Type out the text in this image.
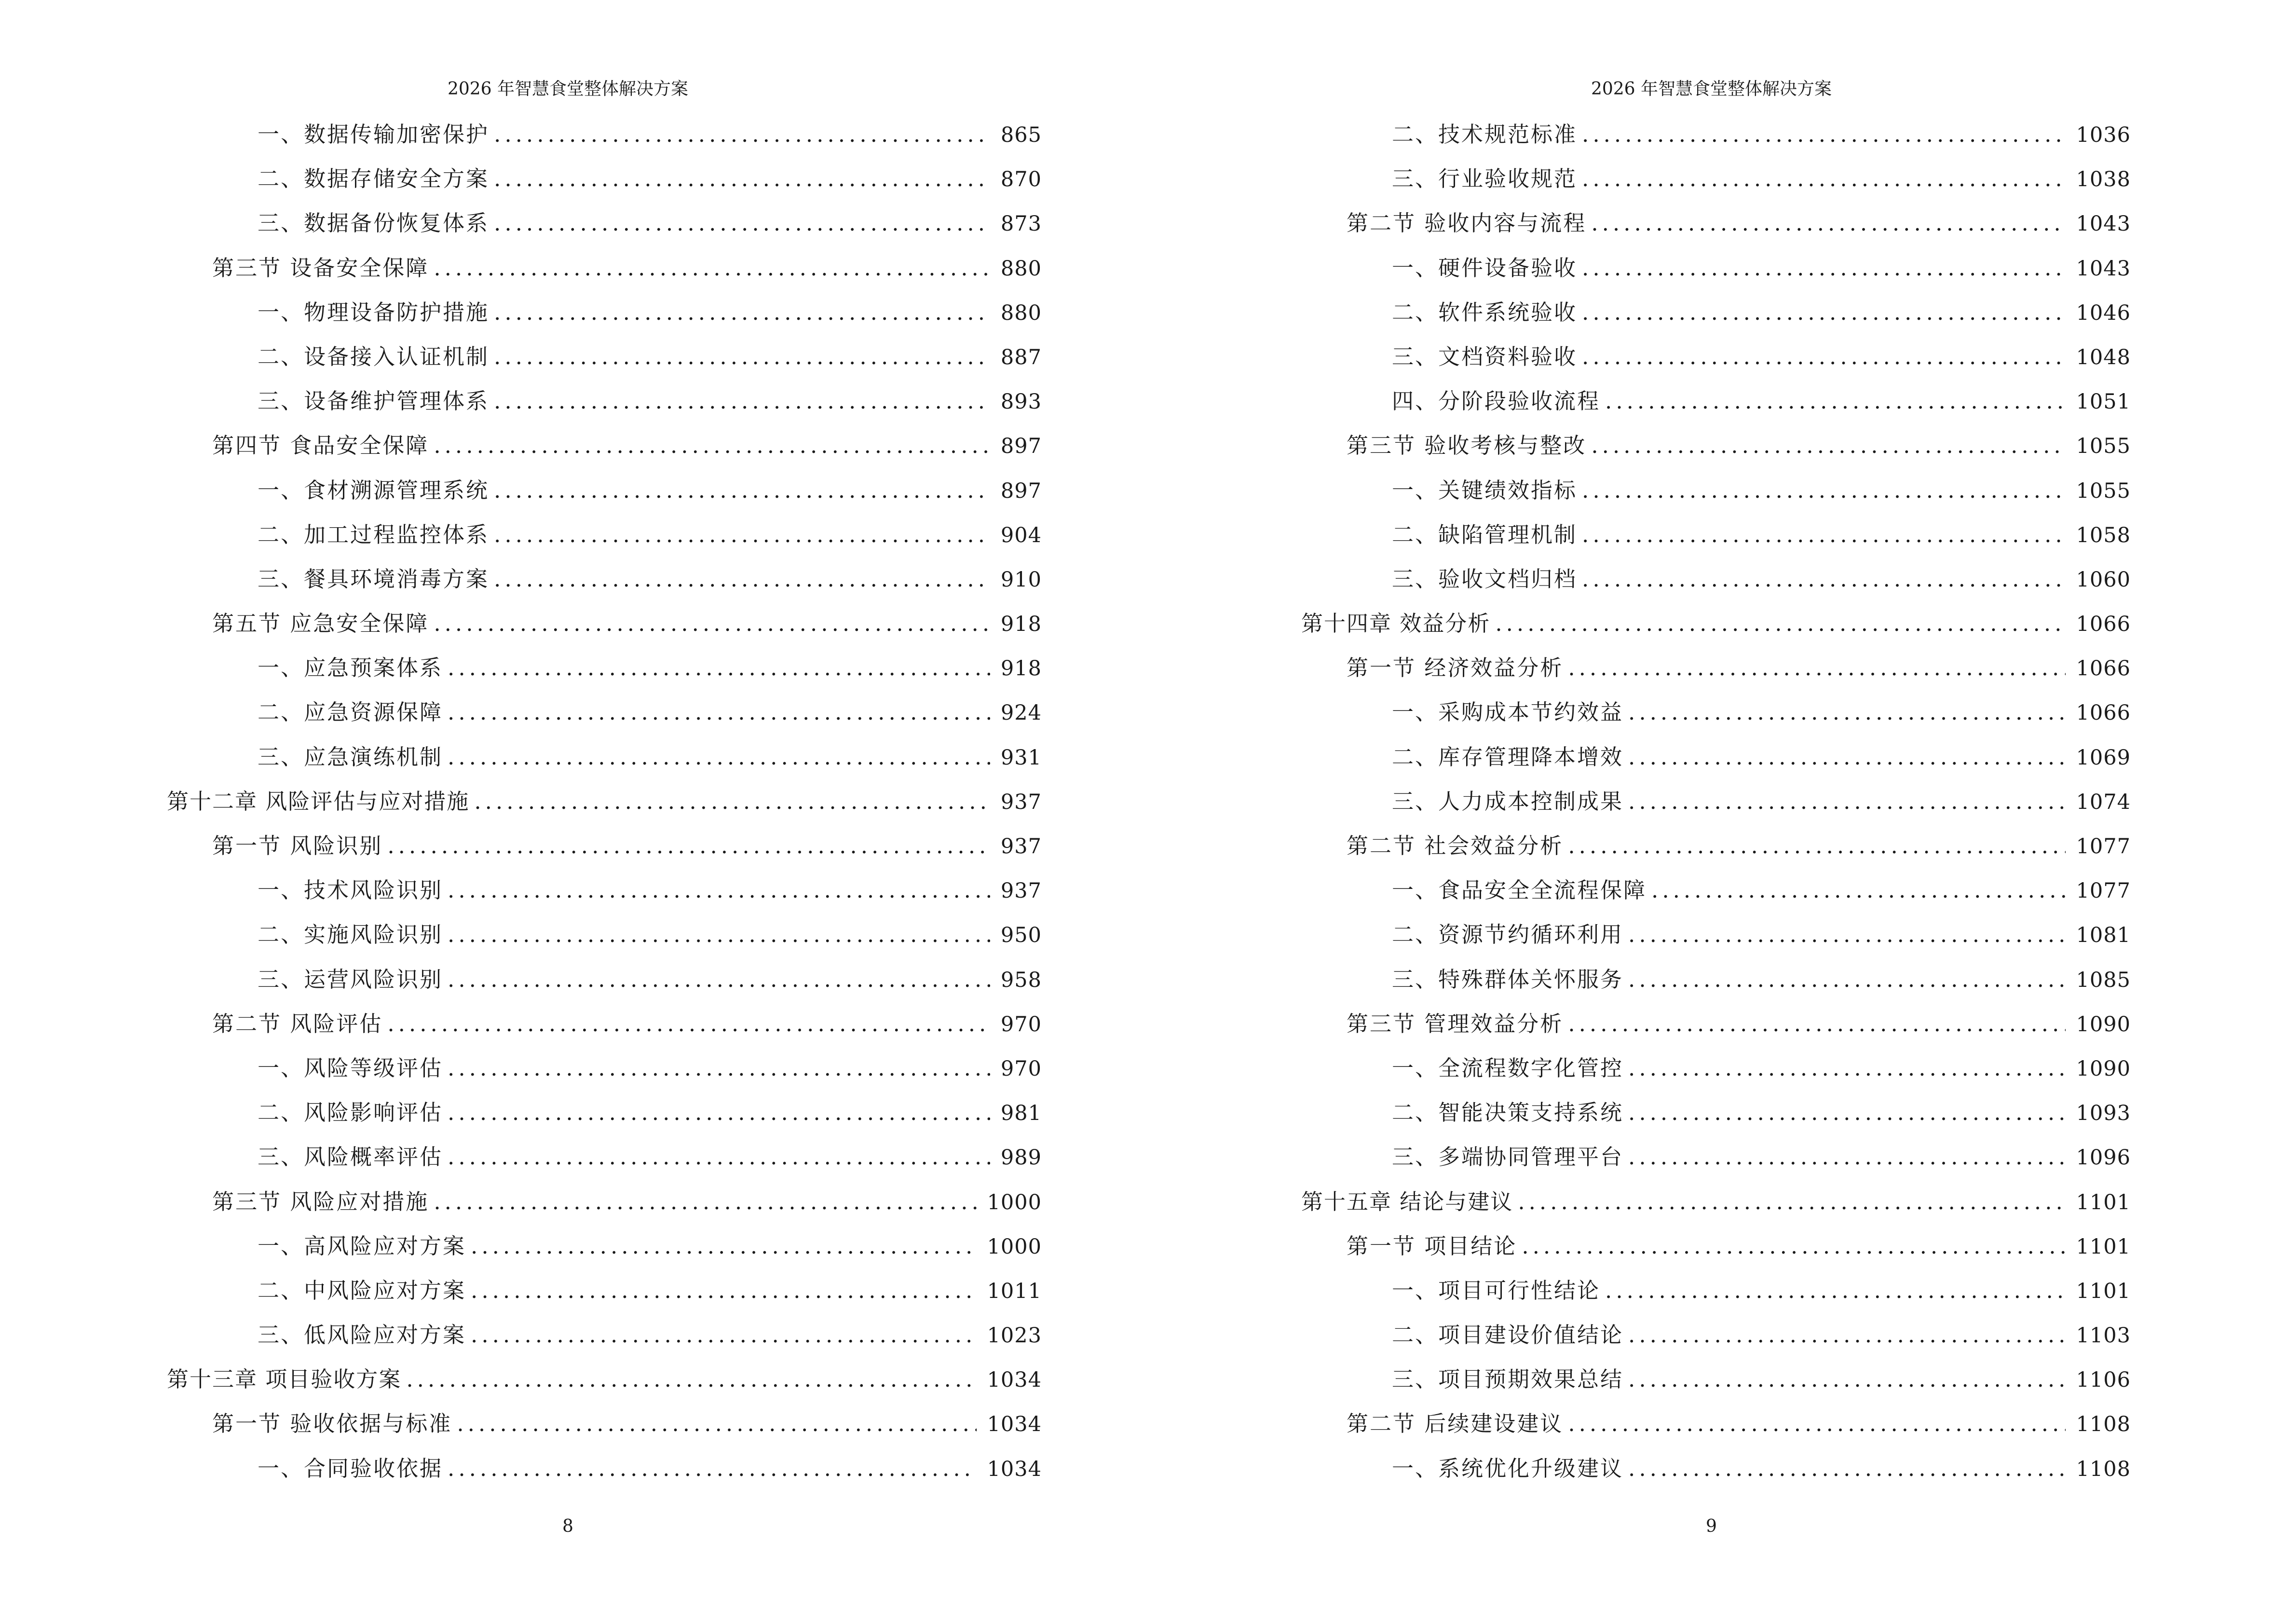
2026 年智慧食堂整体解决方案
一、数据传输加密保护 .....	865
二、数据存储安全方案 .....	870
三、数据备份恢复体系 .....	873
第三节 设备安全保障 .....	880
一、物理设备防护措施 .....	880
二、设备接入认证机制 .....	887
三、设备维护管理体系 .....	893
第四节 食品安全保障 .....	897
一、食材溯源管理系统 .....	897
二、加工过程监控体系 .....	904
三、餐具环境消毒方案 .....	910
第五节 应急安全保障 .....	918
一、应急预案体系 .....	918
二、应急资源保障 .....	924
三、应急演练机制 .....	931
第十二章 风险评估与应对措施 .....	937
第一节 风险识别 .....	937
一、技术风险识别 .....	937
二、实施风险识别 .....	950
三、运营风险识别 .....	958
第二节 风险评估 .....	970
一、风险等级评估 .....	970
二、风险影响评估 .....	981
三、风险概率评估 .....	989
第三节 风险应对措施 .....	1000
一、高风险应对方案 .....	1000
二、中风险应对方案 .....	1011
三、低风险应对方案 .....	1023
第十三章 项目验收方案 .....	1034
第一节 验收依据与标准 .....	1034
一、合同验收依据 .....	1034
8
2026 年智慧食堂整体解决方案
二、技术规范标准 .....	1036
三、行业验收规范 .....	1038
第二节 验收内容与流程 .....	1043
一、硬件设备验收 .....	1043
二、软件系统验收 .....	1046
三、文档资料验收 .....	1048
四、分阶段验收流程 .....	1051
第三节 验收考核与整改 .....	1055
一、关键绩效指标 .....	1055
二、缺陷管理机制 .....	1058
三、验收文档归档 .....	1060
第十四章 效益分析 .....	1066
第一节 经济效益分析 .....	1066
一、采购成本节约效益 .....	1066
二、库存管理降本增效 .....	1069
三、人力成本控制成果 .....	1074
第二节 社会效益分析 .....	1077
一、食品安全全流程保障 .....	1077
二、资源节约循环利用 .....	1081
三、特殊群体关怀服务 .....	1085
第三节 管理效益分析 .....	1090
一、全流程数字化管控 .....	1090
二、智能决策支持系统 .....	1093
三、多端协同管理平台 .....	1096
第十五章 结论与建议 .....	1101
第一节 项目结论 .....	1101
一、项目可行性结论 .....	1101
二、项目建设价值结论 .....	1103
三、项目预期效果总结 .....	1106
第二节 后续建设建议 .....	1108
一、系统优化升级建议 .....	1108
9
